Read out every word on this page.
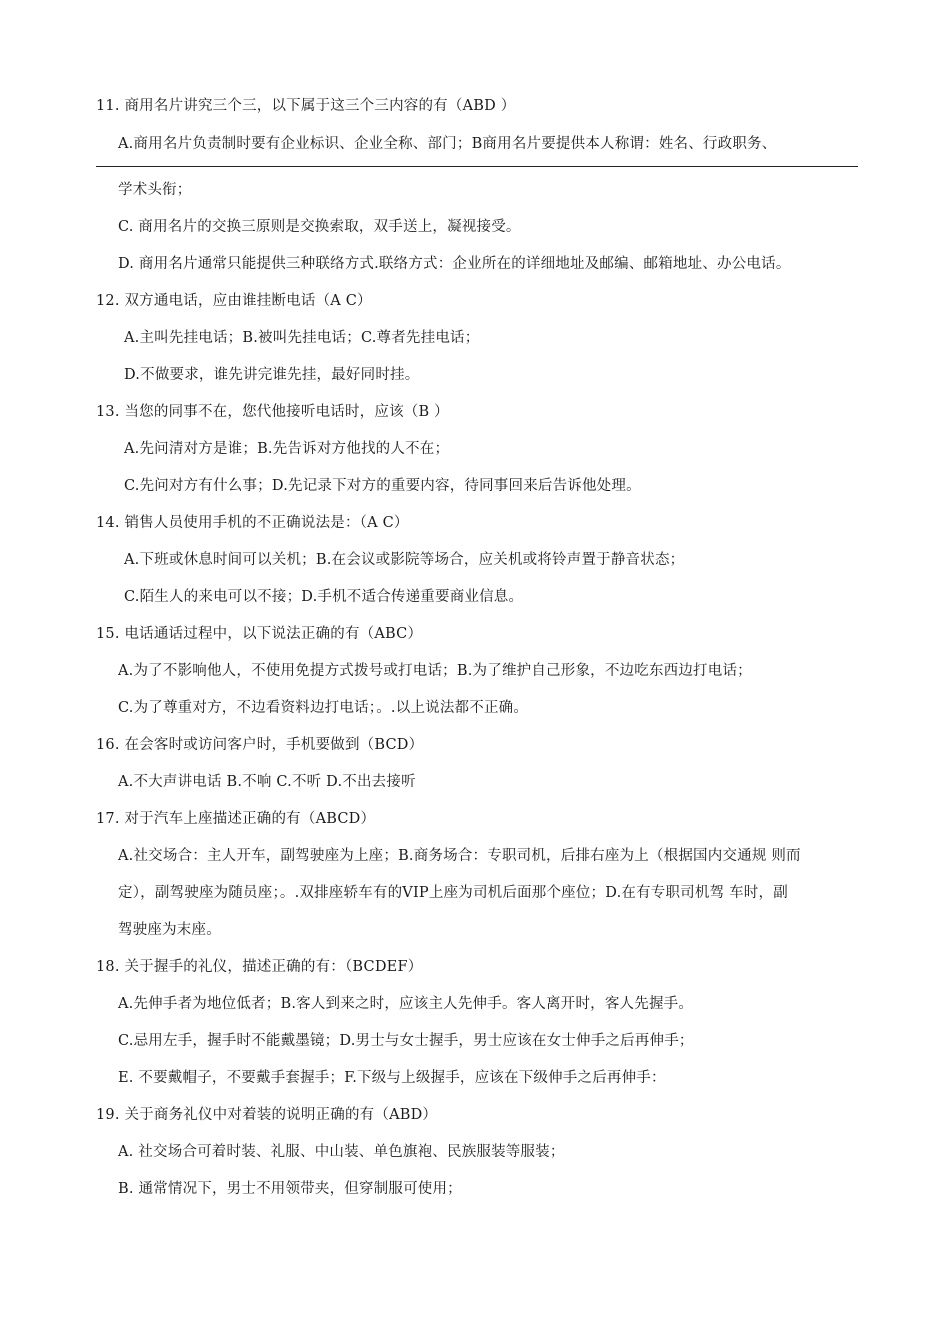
11. 商用名片讲究三个三，以下属于这三个三内容的有（ABD ）
A.商用名片负责制时要有企业标识、企业全称、部门；B商用名片要提供本人称谓：姓名、行政职务、
学术头衔；
C. 商用名片的交换三原则是交换索取，双手送上，凝视接受。
D. 商用名片通常只能提供三种联络方式.联络方式：企业所在的详细地址及邮编、邮箱地址、办公电话。
12. 双方通电话，应由谁挂断电话（A C）
A.主叫先挂电话；B.被叫先挂电话；C.尊者先挂电话；
D.不做要求，谁先讲完谁先挂，最好同时挂。
13. 当您的同事不在，您代他接听电话时，应该（B ）
A.先问清对方是谁；B.先告诉对方他找的人不在；
C.先问对方有什么事；D.先记录下对方的重要内容，待同事回来后告诉他处理。
14. 销售人员使用手机的不正确说法是：（A C）
A.下班或休息时间可以关机；B.在会议或影院等场合，应关机或将铃声置于静音状态；
C.陌生人的来电可以不接；D.手机不适合传递重要商业信息。
15. 电话通话过程中，以下说法正确的有（ABC）
A.为了不影响他人，不使用免提方式拨号或打电话；B.为了维护自己形象，不边吃东西边打电话；
C.为了尊重对方，不边看资料边打电话；。.以上说法都不正确。
16. 在会客时或访问客户时，手机要做到（BCD）
A.不大声讲电话 B.不响 C.不听 D.不出去接听
17. 对于汽车上座描述正确的有（ABCD）
A.社交场合：主人开车，副驾驶座为上座；B.商务场合：专职司机，后排右座为上（根据国内交通规 则而
定），副驾驶座为随员座；。.双排座轿车有的VIP上座为司机后面那个座位；D.在有专职司机驾 车时，副
驾驶座为末座。
18. 关于握手的礼仪，描述正确的有：（BCDEF）
A.先伸手者为地位低者；B.客人到来之时，应该主人先伸手。客人离开时，客人先握手。
C.忌用左手，握手时不能戴墨镜；D.男士与女士握手，男士应该在女士伸手之后再伸手；
E. 不要戴帽子，不要戴手套握手；F.下级与上级握手，应该在下级伸手之后再伸手：
19. 关于商务礼仪中对着装的说明正确的有（ABD）
A. 社交场合可着时装、礼服、中山装、单色旗袍、民族服装等服装；
B. 通常情况下，男士不用领带夹，但穿制服可使用；
